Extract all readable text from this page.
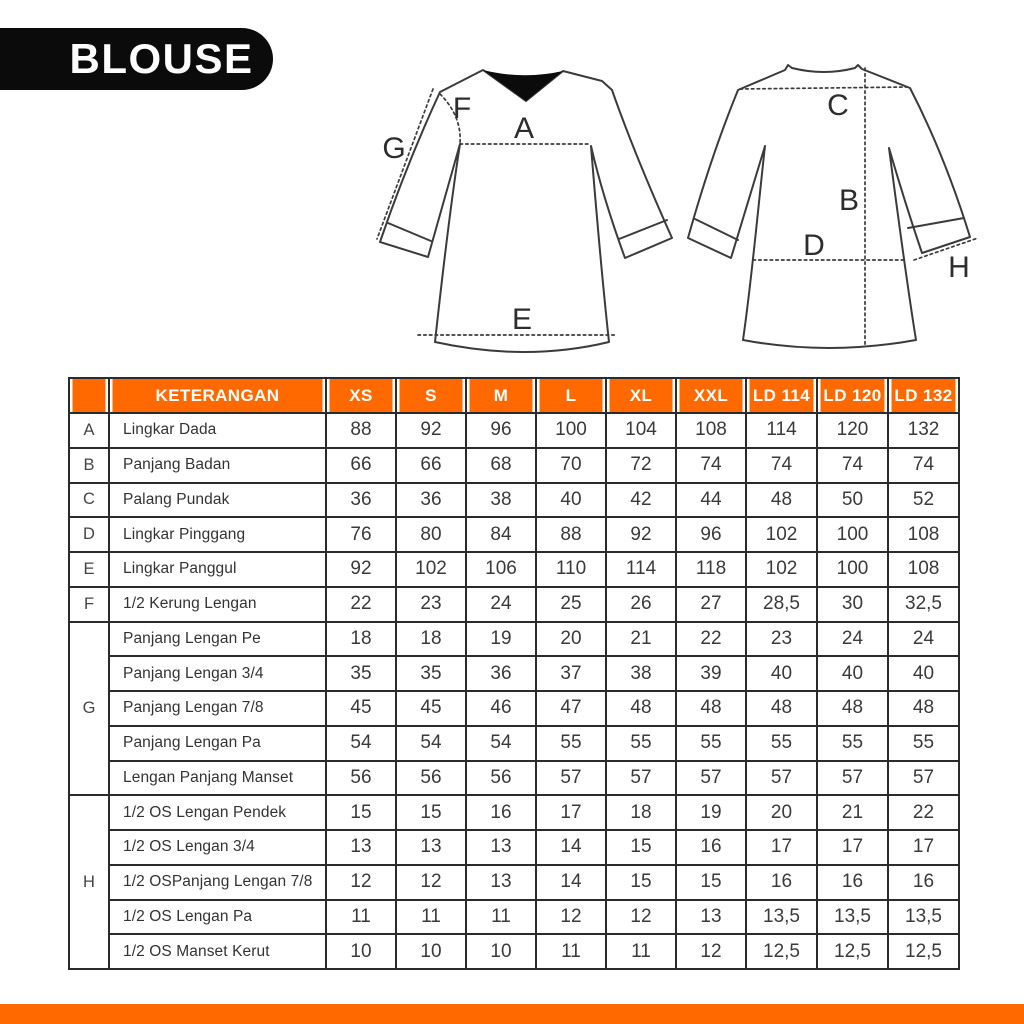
BLOUSE
A
E
F
G
C
B
D
H
	KETERANGAN	XS	S	M	L	XL	XXL	LD 114	LD 120	LD 132
A	Lingkar Dada	88	92	96	100	104	108	114	120	132
B	Panjang Badan	66	66	68	70	72	74	74	74	74
C	Palang Pundak	36	36	38	40	42	44	48	50	52
D	Lingkar Pinggang	76	80	84	88	92	96	102	100	108
E	Lingkar Panggul	92	102	106	110	114	118	102	100	108
F	1/2 Kerung Lengan	22	23	24	25	26	27	28,5	30	32,5
G	Panjang Lengan Pe	18	18	19	20	21	22	23	24	24
	Panjang Lengan 3/4	35	35	36	37	38	39	40	40	40
	Panjang Lengan 7/8	45	45	46	47	48	48	48	48	48
	Panjang Lengan Pa	54	54	54	55	55	55	55	55	55
	Lengan Panjang Manset	56	56	56	57	57	57	57	57	57
H	1/2 OS Lengan Pendek	15	15	16	17	18	19	20	21	22
	1/2 OS Lengan 3/4	13	13	13	14	15	16	17	17	17
	1/2 OSPanjang Lengan 7/8	12	12	13	14	15	15	16	16	16
	1/2 OS Lengan Pa	11	11	11	12	12	13	13,5	13,5	13,5
	1/2 OS Manset Kerut	10	10	10	11	11	12	12,5	12,5	12,5
